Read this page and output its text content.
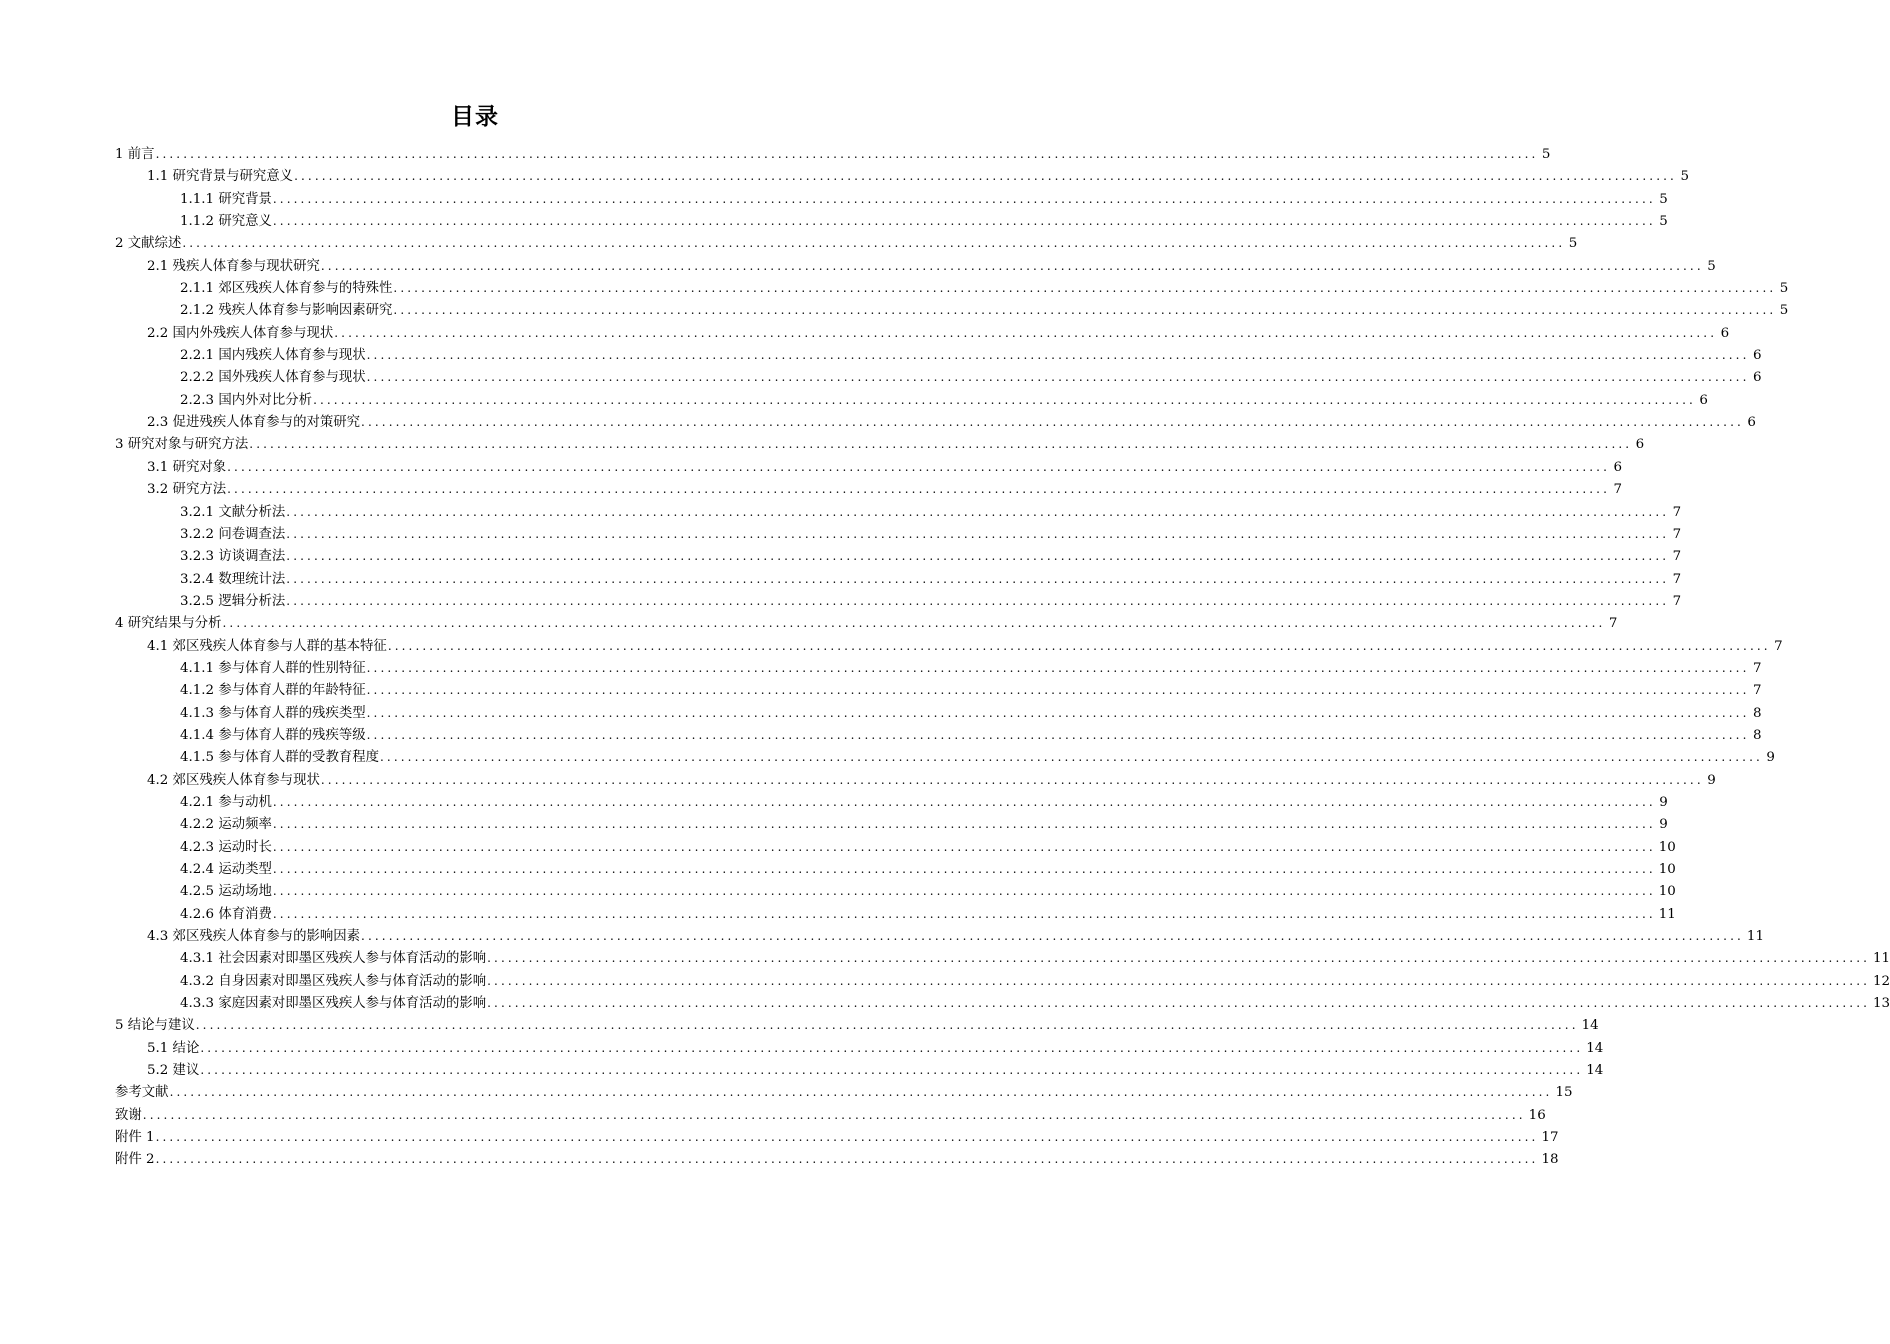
目录
1 前言 ........................................................................................................................................................................................................ 5
1.1 研究背景与研究意义 ........................................................................................................................................................................................................ 5
1.1.1 研究背景 ........................................................................................................................................................................................................ 5
1.1.2 研究意义 ........................................................................................................................................................................................................ 5
2 文献综述 ........................................................................................................................................................................................................ 5
2.1 残疾人体育参与现状研究 ........................................................................................................................................................................................................ 5
2.1.1 郊区残疾人体育参与的特殊性 ........................................................................................................................................................................................................ 5
2.1.2 残疾人体育参与影响因素研究 ........................................................................................................................................................................................................ 5
2.2 国内外残疾人体育参与现状 ........................................................................................................................................................................................................ 6
2.2.1 国内残疾人体育参与现状 ........................................................................................................................................................................................................ 6
2.2.2 国外残疾人体育参与现状 ........................................................................................................................................................................................................ 6
2.2.3 国内外对比分析 ........................................................................................................................................................................................................ 6
2.3 促进残疾人体育参与的对策研究 ........................................................................................................................................................................................................ 6
3 研究对象与研究方法 ........................................................................................................................................................................................................ 6
3.1 研究对象 ........................................................................................................................................................................................................ 6
3.2 研究方法 ........................................................................................................................................................................................................ 7
3.2.1 文献分析法 ........................................................................................................................................................................................................ 7
3.2.2 问卷调查法 ........................................................................................................................................................................................................ 7
3.2.3 访谈调查法 ........................................................................................................................................................................................................ 7
3.2.4 数理统计法 ........................................................................................................................................................................................................ 7
3.2.5 逻辑分析法 ........................................................................................................................................................................................................ 7
4 研究结果与分析 ........................................................................................................................................................................................................ 7
4.1 郊区残疾人体育参与人群的基本特征 ........................................................................................................................................................................................................ 7
4.1.1 参与体育人群的性别特征 ........................................................................................................................................................................................................ 7
4.1.2 参与体育人群的年龄特征 ........................................................................................................................................................................................................ 7
4.1.3 参与体育人群的残疾类型 ........................................................................................................................................................................................................ 8
4.1.4 参与体育人群的残疾等级 ........................................................................................................................................................................................................ 8
4.1.5 参与体育人群的受教育程度 ........................................................................................................................................................................................................ 9
4.2 郊区残疾人体育参与现状 ........................................................................................................................................................................................................ 9
4.2.1 参与动机 ........................................................................................................................................................................................................ 9
4.2.2 运动频率 ........................................................................................................................................................................................................ 9
4.2.3 运动时长 ........................................................................................................................................................................................................ 10
4.2.4 运动类型 ........................................................................................................................................................................................................ 10
4.2.5 运动场地 ........................................................................................................................................................................................................ 10
4.2.6 体育消费 ........................................................................................................................................................................................................ 11
4.3 郊区残疾人体育参与的影响因素 ........................................................................................................................................................................................................ 11
4.3.1 社会因素对即墨区残疾人参与体育活动的影响 ........................................................................................................................................................................................................ 11
4.3.2 自身因素对即墨区残疾人参与体育活动的影响 ........................................................................................................................................................................................................ 12
4.3.3 家庭因素对即墨区残疾人参与体育活动的影响 ........................................................................................................................................................................................................ 13
5 结论与建议 ........................................................................................................................................................................................................ 14
5.1 结论 ........................................................................................................................................................................................................ 14
5.2 建议 ........................................................................................................................................................................................................ 14
参考文献 ........................................................................................................................................................................................................ 15
致谢 ........................................................................................................................................................................................................ 16
附件 1 ........................................................................................................................................................................................................ 17
附件 2 ........................................................................................................................................................................................................ 18
